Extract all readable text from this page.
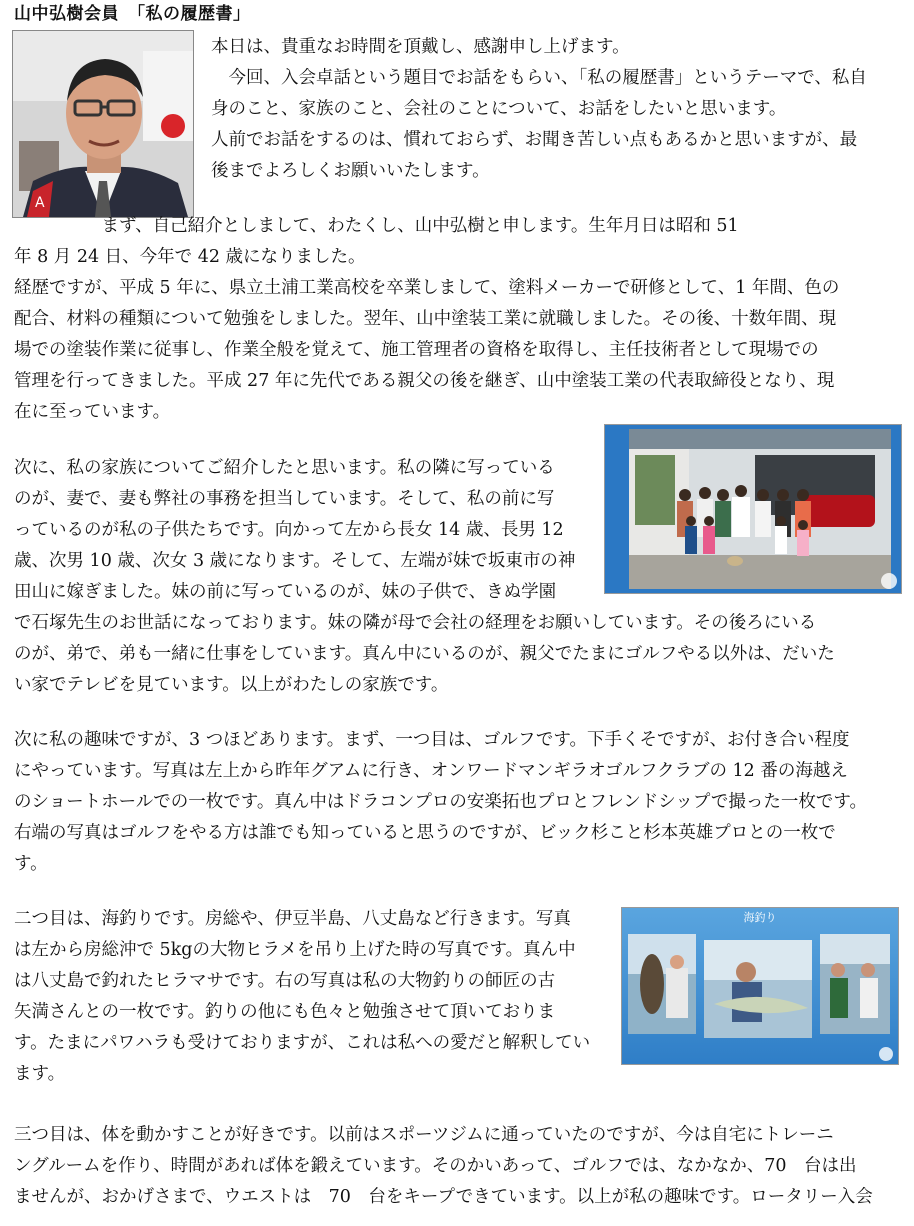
山中弘樹会員　「私の履歴書」
A

本日は、貴重なお時間を頂戴し、感謝申し上げます。

　今回、入会卓話という題目でお話をもらい、「私の履歴書」というテーマで、私自

身のこと、家族のこと、会社のことについて、お話をしたいと思います。

人前でお話をするのは、慣れておらず、お聞き苦しい点もあるかと思いますが、最

後までよろしくお願いいたします。

　　　　　まず、自己紹介としまして、わたくし、山中弘樹と申します。生年月日は昭和 51

年 8 月 24 日、今年で 42 歳になりました。

経歴ですが、平成 5 年に、県立土浦工業高校を卒業しまして、塗料メーカーで研修として、1 年間、色の

配合、材料の種類について勉強をしました。翌年、山中塗装工業に就職しました。その後、十数年間、現

場での塗装作業に従事し、作業全般を覚えて、施工管理者の資格を取得し、主任技術者として現場での

管理を行ってきました。平成 27 年に先代である親父の後を継ぎ、山中塗装工業の代表取締役となり、現

在に至っています。

次に、私の家族についてご紹介したと思います。私の隣に写っている

のが、妻で、妻も弊社の事務を担当しています。そして、私の前に写

っているのが私の子供たちです。向かって左から長女 14 歳、長男 12

歳、次男 10 歳、次女 3 歳になります。そして、左端が妹で坂東市の神

田山に嫁ぎました。妹の前に写っているのが、妹の子供で、きぬ学園

で石塚先生のお世話になっております。妹の隣が母で会社の経理をお願いしています。その後ろにいる

のが、弟で、弟も一緒に仕事をしています。真ん中にいるのが、親父でたまにゴルフやる以外は、だいた

い家でテレビを見ています。以上がわたしの家族です。

次に私の趣味ですが、3 つほどあります。まず、一つ目は、ゴルフです。下手くそですが、お付き合い程度

にやっています。写真は左上から昨年グアムに行き、オンワードマンギラオゴルフクラブの 12 番の海越え

のショートホールでの一枚です。真ん中はドラコンプロの安楽拓也プロとフレンドシップで撮った一枚です。

右端の写真はゴルフをやる方は誰でも知っていると思うのですが、ビック杉こと杉本英雄プロとの一枚で

す。

海釣り

二つ目は、海釣りです。房総や、伊豆半島、八丈島など行きます。写真

は左から房総沖で 5kgの大物ヒラメを吊り上げた時の写真です。真ん中

は八丈島で釣れたヒラマサです。右の写真は私の大物釣りの師匠の古

矢満さんとの一枚です。釣りの他にも色々と勉強させて頂いておりま

す。たまにパワハラも受けておりますが、これは私への愛だと解釈してい

ます。

三つ目は、体を動かすことが好きです。以前はスポーツジムに通っていたのですが、今は自宅にトレーニ

ングルームを作り、時間があれば体を鍛えています。そのかいあって、ゴルフでは、なかなか、70　台は出

ませんが、おかげさまで、ウエストは　70　台をキープできています。以上が私の趣味です。ロータリー入会
